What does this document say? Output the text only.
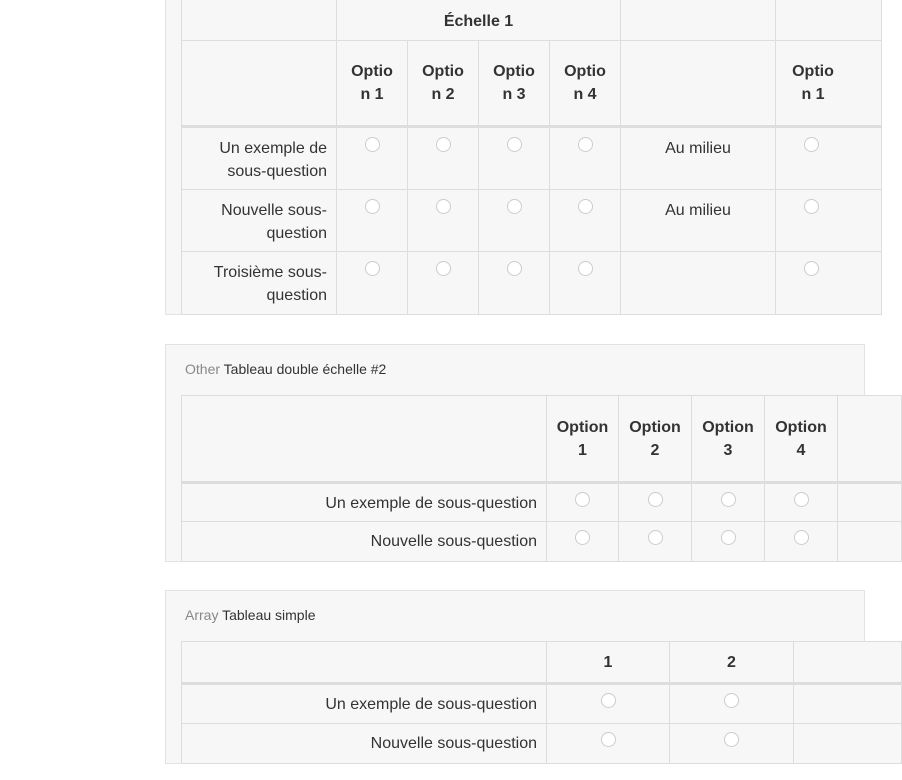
	Échelle 1					
	Optio n 1	Optio n 2	Optio n 3	Optio n 4		Optio n 1
Un exemple de sous-question					Au milieu	
Nouvelle sous-question					Au milieu	
Troisième sous-question						
Other Tableau double échelle #2
	Option 1	Option 2	Option 3	Option 4	
Un exemple de sous-question					
Nouvelle sous-question					
Array Tableau simple
	1	2	
Un exemple de sous-question			
Nouvelle sous-question			
